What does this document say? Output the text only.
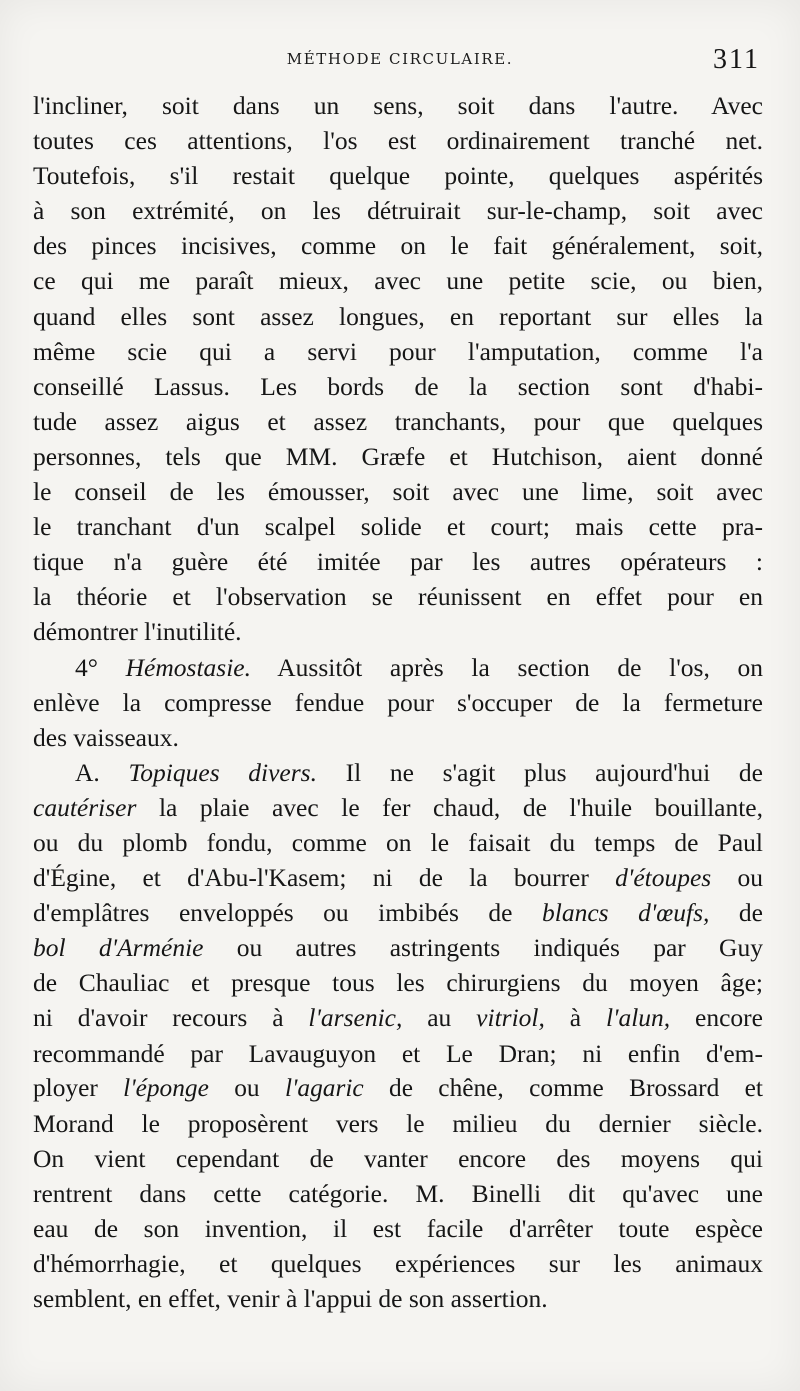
MÉTHODE CIRCULAIRE.	311

l'incliner, soit dans un sens, soit dans l'autre. Avec
toutes ces attentions, l'os est ordinairement tranché net.
Toutefois, s'il restait quelque pointe, quelques aspérités
à son extrémité, on les détruirait sur-le-champ, soit avec
des pinces incisives, comme on le fait généralement, soit,
ce qui me paraît mieux, avec une petite scie, ou bien,
quand elles sont assez longues, en reportant sur elles la
même scie qui a servi pour l'amputation, comme l'a
conseillé Lassus. Les bords de la section sont d'habi-
tude assez aigus et assez tranchants, pour que quelques
personnes, tels que MM. Græfe et Hutchison, aient donné
le conseil de les émousser, soit avec une lime, soit avec
le tranchant d'un scalpel solide et court; mais cette pra-
tique n'a guère été imitée par les autres opérateurs :
la théorie et l'observation se réunissent en effet pour en
démontrer l'inutilité.

4° Hémostasie. Aussitôt après la section de l'os, on
enlève la compresse fendue pour s'occuper de la fermeture
des vaisseaux.

A. Topiques divers. Il ne s'agit plus aujourd'hui de
cautériser la plaie avec le fer chaud, de l'huile bouillante,
ou du plomb fondu, comme on le faisait du temps de Paul
d'Égine, et d'Abu-l'Kasem; ni de la bourrer d'étoupes ou
d'emplâtres enveloppés ou imbibés de blancs d'œufs, de
bol d'Arménie ou autres astringents indiqués par Guy
de Chauliac et presque tous les chirurgiens du moyen âge;
ni d'avoir recours à l'arsenic, au vitriol, à l'alun, encore
recommandé par Lavauguyon et Le Dran; ni enfin d'em-
ployer l'éponge ou l'agaric de chêne, comme Brossard et
Morand le proposèrent vers le milieu du dernier siècle.
On vient cependant de vanter encore des moyens qui
rentrent dans cette catégorie. M. Binelli dit qu'avec une
eau de son invention, il est facile d'arrêter toute espèce
d'hémorrhagie, et quelques expériences sur les animaux
semblent, en effet, venir à l'appui de son assertion.
